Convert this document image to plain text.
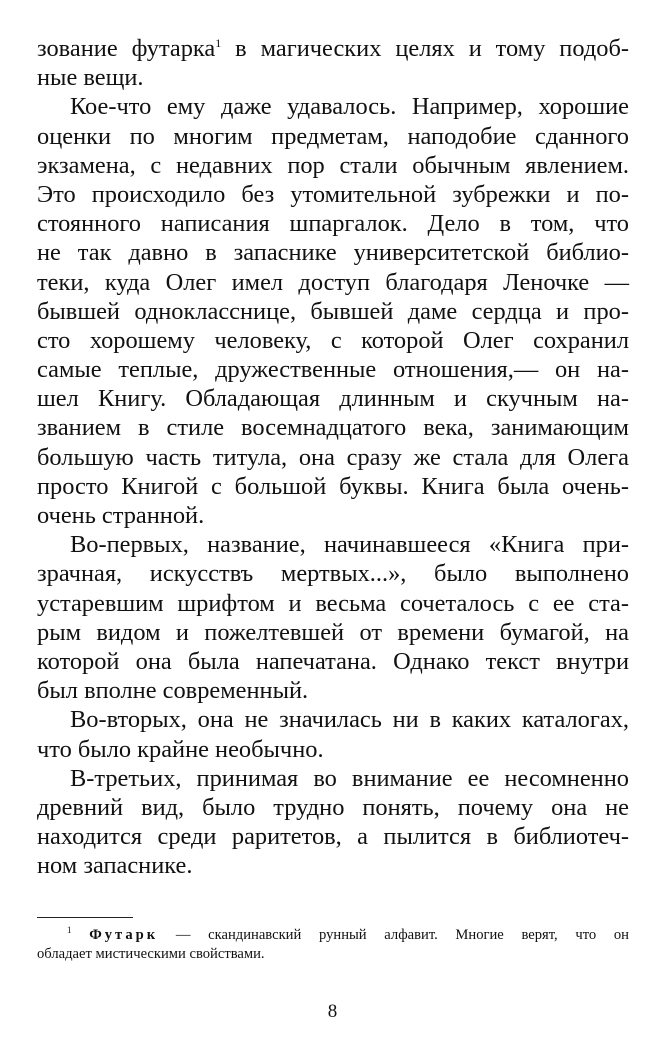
зование футарка$^1$ в магических целях и тому подоб-
ные вещи.
Кое-что ему даже удавалось. Например, хорошие
оценки по многим предметам, наподобие сданного
экзамена, с недавних пор стали обычным явлением.
Это происходило без утомительной зубрежки и по-
стоянного написания шпаргалок. Дело в том, что
не так давно в запаснике университетской библио-
теки, куда Олег имел доступ благодаря Леночке —
бывшей однокласснице, бывшей даме сердца и про-
сто хорошему человеку, с которой Олег сохранил
самые теплые, дружественные отношения,— он на-
шел Книгу. Обладающая длинным и скучным на-
званием в стиле восемнадцатого века, занимающим
большую часть титула, она сразу же стала для Олега
просто Книгой с большой буквы. Книга была очень-
очень странной.
Во-первых, название, начинавшееся «Книга при-
зрачная, искусствъ мертвых...», было выполнено
устаревшим шрифтом и весьма сочеталось с ее ста-
рым видом и пожелтевшей от времени бумагой, на
которой она была напечатана. Однако текст внутри
был вполне современный.
Во-вторых, она не значилась ни в каких каталогах,
что было крайне необычно.
В-третьих, принимая во внимание ее несомненно
древний вид, было трудно понять, почему она не
находится среди раритетов, а пылится в библиотеч-
ном запаснике.
$^1$ Футарк — скандинавский рунный алфавит. Многие верят, что он
обладает мистическими свойствами.
8
